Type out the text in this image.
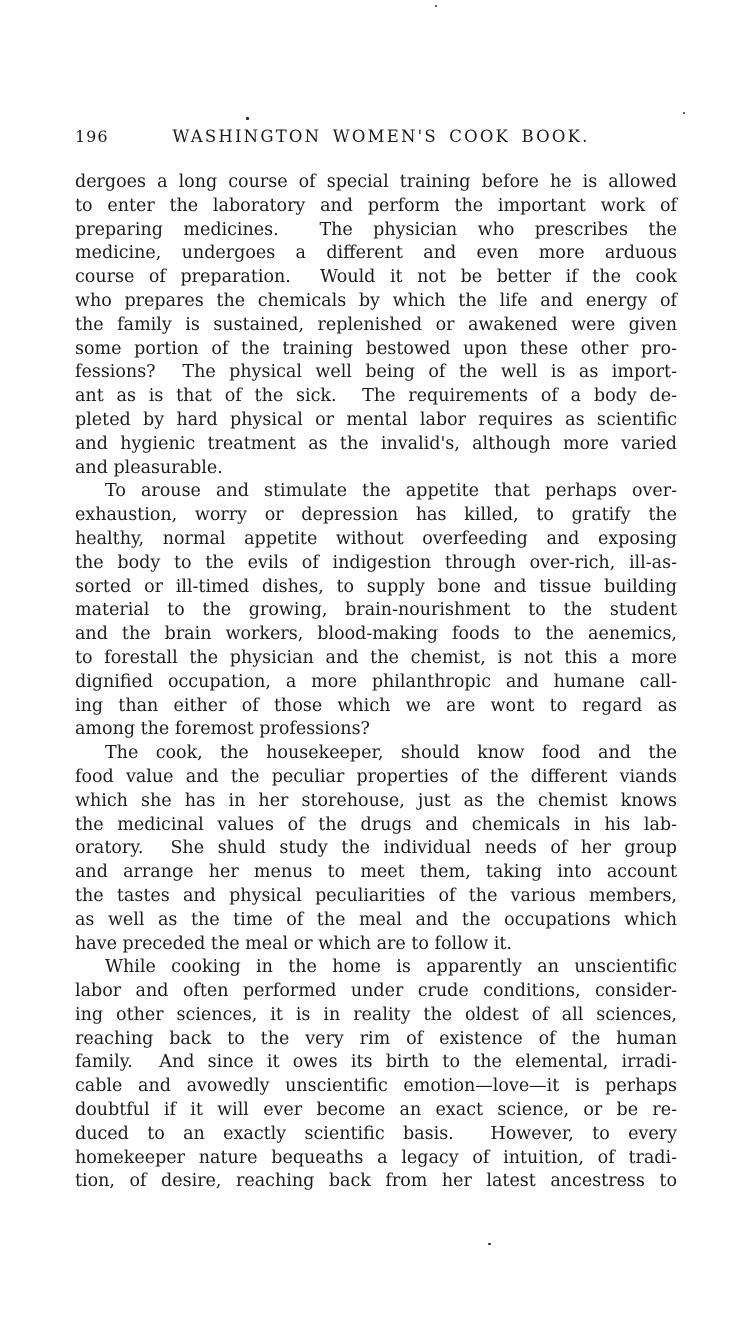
196	WASHINGTON WOMEN'S COOK BOOK.
dergoes a long course of special training before he is allowed
to enter the laboratory and perform the important work of
preparing medicines.  The physician who prescribes the
medicine, undergoes a different and even more arduous
course of preparation.  Would it not be better if the cook
who prepares the chemicals by which the life and energy of
the family is sustained, replenished or awakened were given
some portion of the training bestowed upon these other pro-
fessions?  The physical well being of the well is as import-
ant as is that of the sick.  The requirements of a body de-
pleted by hard physical or mental labor requires as scientific
and hygienic treatment as the invalid's, although more varied
and pleasurable.
To arouse and stimulate the appetite that perhaps over-
exhaustion, worry or depression has killed, to gratify the
healthy, normal appetite without overfeeding and exposing
the body to the evils of indigestion through over-rich, ill-as-
sorted or ill-timed dishes, to supply bone and tissue building
material to the growing, brain-nourishment to the student
and the brain workers, blood-making foods to the aenemics,
to forestall the physician and the chemist, is not this a more
dignified occupation, a more philanthropic and humane call-
ing than either of those which we are wont to regard as
among the foremost professions?
The cook, the housekeeper, should know food and the
food value and the peculiar properties of the different viands
which she has in her storehouse, just as the chemist knows
the medicinal values of the drugs and chemicals in his lab-
oratory.  She shuld study the individual needs of her group
and arrange her menus to meet them, taking into account
the tastes and physical peculiarities of the various members,
as well as the time of the meal and the occupations which
have preceded the meal or which are to follow it.
While cooking in the home is apparently an unscientific
labor and often performed under crude conditions, consider-
ing other sciences, it is in reality the oldest of all sciences,
reaching back to the very rim of existence of the human
family.  And since it owes its birth to the elemental, irradi-
cable and avowedly unscientific emotion—love—it is perhaps
doubtful if it will ever become an exact science, or be re-
duced to an exactly scientific basis.  However, to every
homekeeper nature bequeaths a legacy of intuition, of tradi-
tion, of desire, reaching back from her latest ancestress to
